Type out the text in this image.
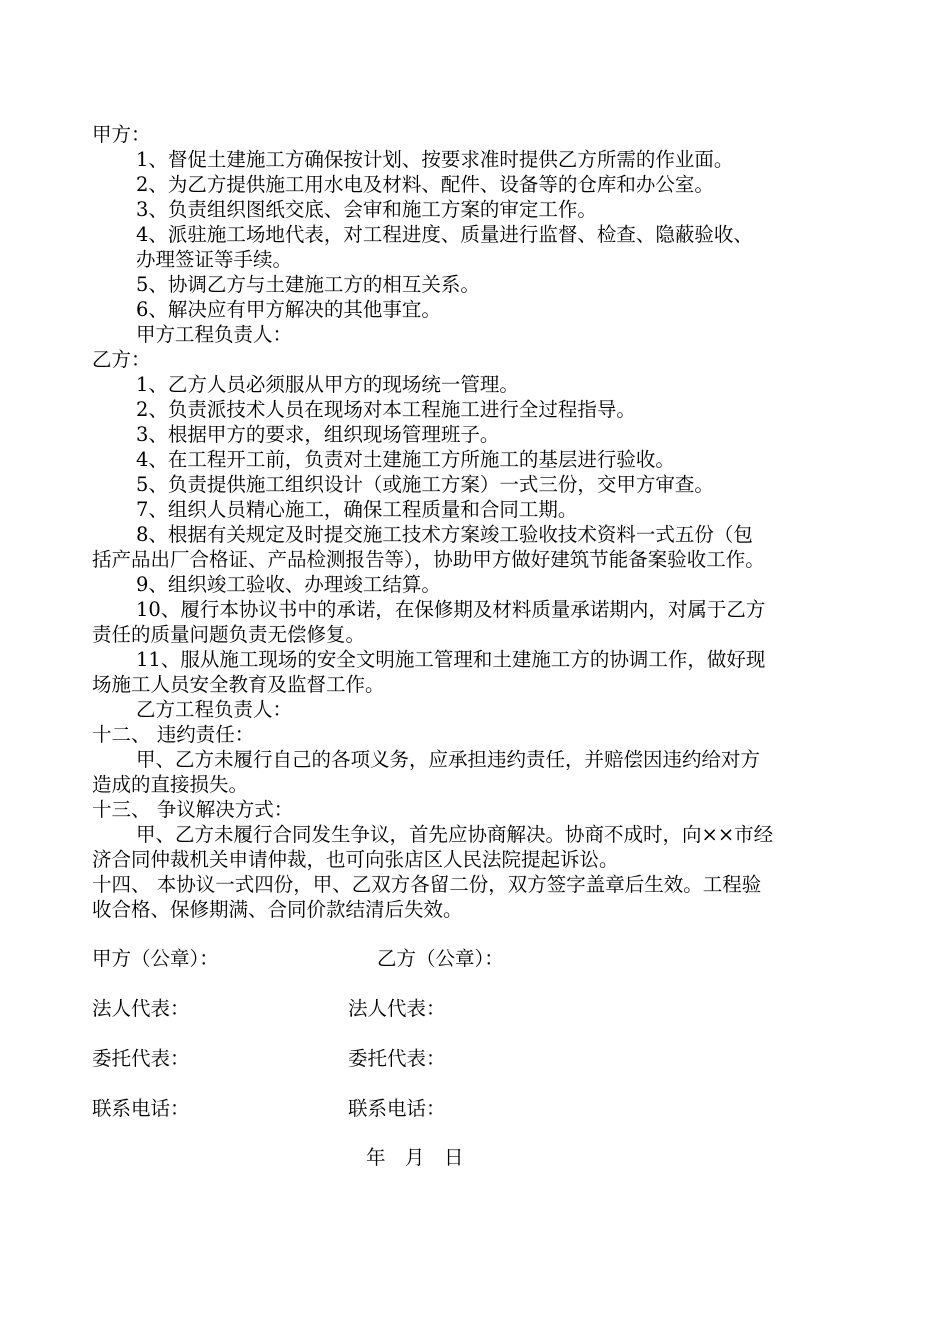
甲方：
1、督促土建施工方确保按计划、按要求准时提供乙方所需的作业面。
2、为乙方提供施工用水电及材料、配件、设备等的仓库和办公室。
3、负责组织图纸交底、会审和施工方案的审定工作。
4、派驻施工场地代表，对工程进度、质量进行监督、检查、隐蔽验收、
办理签证等手续。
5、协调乙方与土建施工方的相互关系。
6、解决应有甲方解决的其他事宜。
甲方工程负责人：
乙方：
1、乙方人员必须服从甲方的现场统一管理。
2、负责派技术人员在现场对本工程施工进行全过程指导。
3、根据甲方的要求，组织现场管理班子。
4、在工程开工前，负责对土建施工方所施工的基层进行验收。
5、负责提供施工组织设计（或施工方案）一式三份，交甲方审查。
7、组织人员精心施工，确保工程质量和合同工期。
8、根据有关规定及时提交施工技术方案竣工验收技术资料一式五份（包
括产品出厂合格证、产品检测报告等），协助甲方做好建筑节能备案验收工作。
9、组织竣工验收、办理竣工结算。
10、履行本协议书中的承诺，在保修期及材料质量承诺期内，对属于乙方
责任的质量问题负责无偿修复。
11、服从施工现场的安全文明施工管理和土建施工方的协调工作，做好现
场施工人员安全教育及监督工作。
乙方工程负责人：
十二、 违约责任：
甲、乙方未履行自己的各项义务，应承担违约责任，并赔偿因违约给对方
造成的直接损失。
十三、 争议解决方式：
甲、乙方未履行合同发生争议，首先应协商解决。协商不成时，向××市经
济合同仲裁机关申请仲裁，也可向张店区人民法院提起诉讼。
十四、 本协议一式四份，甲、乙双方各留二份，双方签字盖章后生效。工程验
收合格、保修期满、合同价款结清后失效。
甲方（公章）：	乙方（公章）：
法人代表：	法人代表：
委托代表：	委托代表：
联系电话：	联系电话：
年　月　日
